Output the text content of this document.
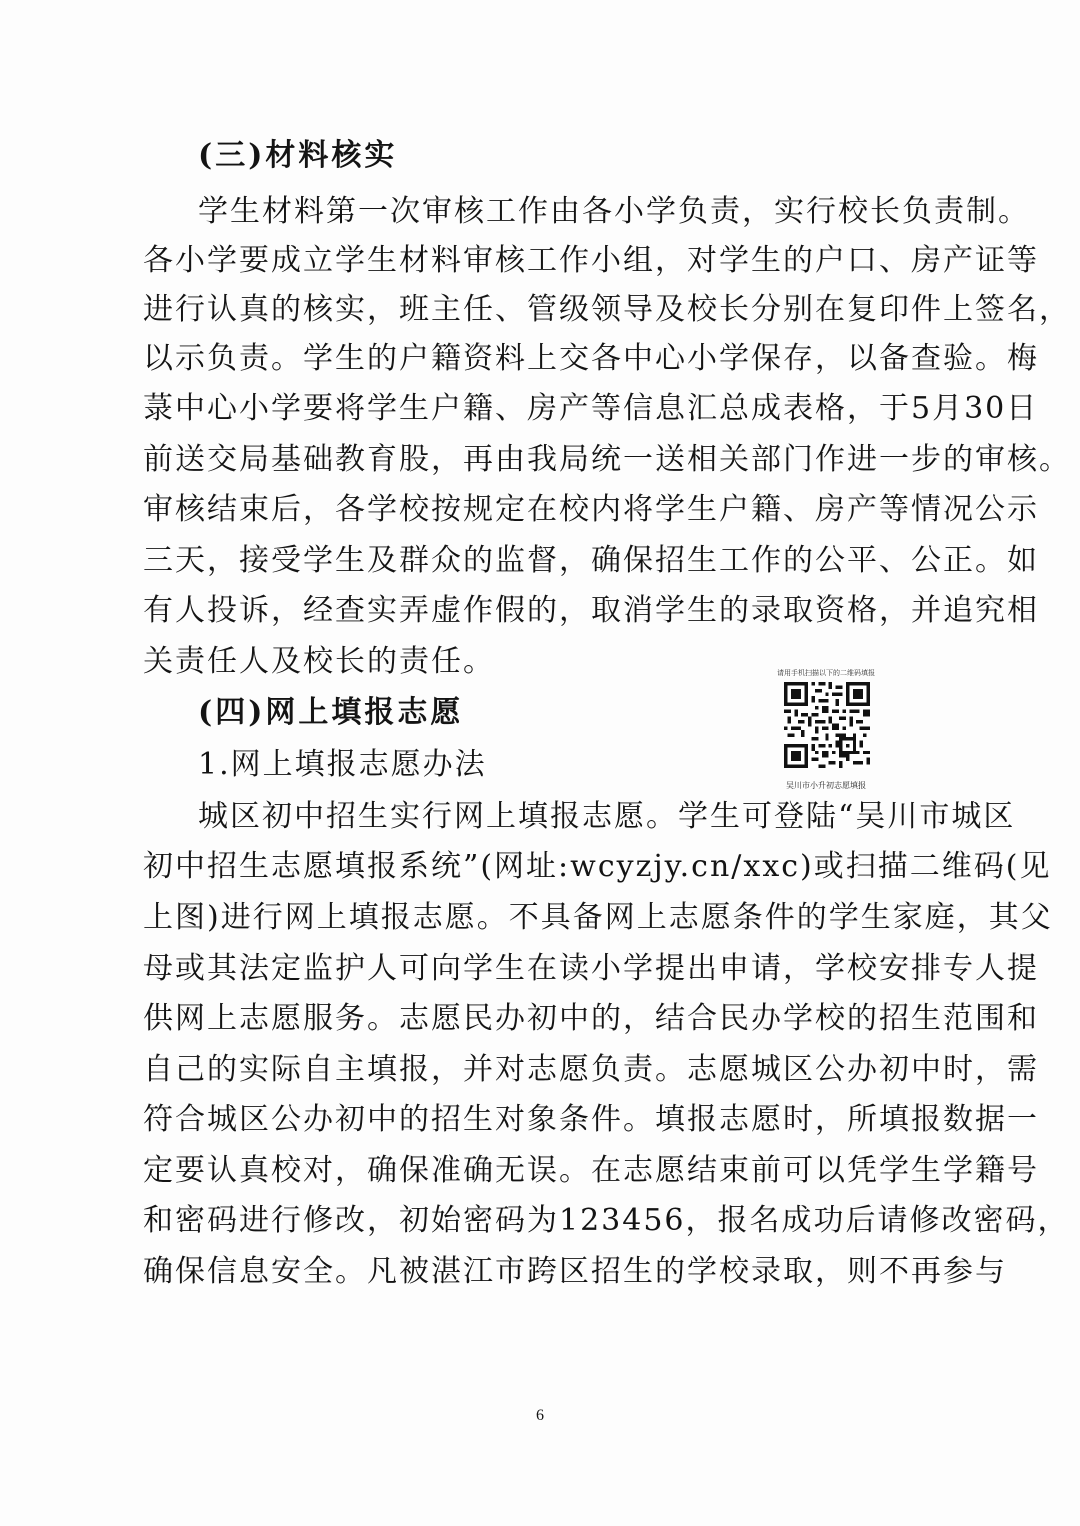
(三)材料核实
学生材料第一次审核工作由各小学负责，实行校长负责制。
各小学要成立学生材料审核工作小组，对学生的户口、房产证等
进行认真的核实，班主任、管级领导及校长分别在复印件上签名，
以示负责。学生的户籍资料上交各中心小学保存，以备查验。梅
菉中心小学要将学生户籍、房产等信息汇总成表格，于5月30日
前送交局基础教育股，再由我局统一送相关部门作进一步的审核。
审核结束后，各学校按规定在校内将学生户籍、房产等情况公示
三天，接受学生及群众的监督，确保招生工作的公平、公正。如
有人投诉，经查实弄虚作假的，取消学生的录取资格，并追究相
关责任人及校长的责任。
(四)网上填报志愿
1.网上填报志愿办法
城区初中招生实行网上填报志愿。学生可登陆“吴川市城区
初中招生志愿填报系统”(网址:wcyzjy.cn/xxc)或扫描二维码(见
上图)进行网上填报志愿。不具备网上志愿条件的学生家庭，其父
母或其法定监护人可向学生在读小学提出申请，学校安排专人提
供网上志愿服务。志愿民办初中的，结合民办学校的招生范围和
自己的实际自主填报，并对志愿负责。志愿城区公办初中时，需
符合城区公办初中的招生对象条件。填报志愿时，所填报数据一
定要认真校对，确保准确无误。在志愿结束前可以凭学生学籍号
和密码进行修改，初始密码为123456，报名成功后请修改密码，
确保信息安全。凡被湛江市跨区招生的学校录取，则不再参与
请用手机扫描以下的二维码填报
吴川市小升初志愿填报
6
